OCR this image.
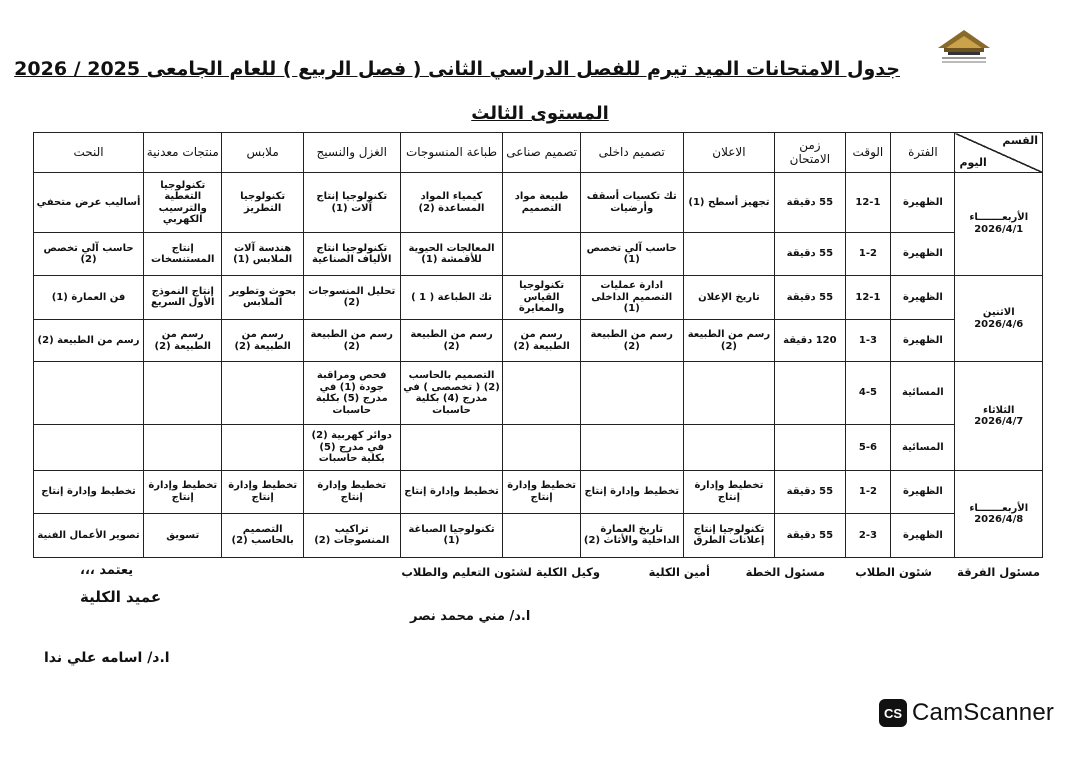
جدول الامتحانات الميد تيرم للفصل الدراسي الثانى ( فصل الربيع ) للعام الجامعى 2025 / 2026
المستوى الثالث
القسم
اليوم	الفترة	الوقت	زمن الامتحان	الاعلان	تصميم داخلى	تصميم صناعى	طباعة المنسوجات	الغزل والنسيج	ملابس	منتجات معدنية	النحت

الأربعـــــــاء
2026/4/1	الظهيرة	12-1	55 دقيقة	تجهيز أسطح (1)	تك تكسيات أسقف وأرضيات	طبيعة مواد التصميم	كيمياء المواد المساعدة (2)	تكنولوجيا إنتاج آلات (1)	تكنولوجيا التطريز	تكنولوجيا التغطية والترسيب الكهربي	أساليب عرض متحفي
	الظهيرة	1-2	55 دقيقة		حاسب آلي تخصص (1)		المعالجات الحيوية للأقمشة (1)	تكنولوجيا انتاج الألياف الصناعية	هندسة آلات الملابس (1)	إنتاج المستنسخات	حاسب آلي تخصص (2)

الاثنين
2026/4/6	الظهيرة	12-1	55 دقيقة	تاريخ الإعلان	ادارة عمليات التصميم الداخلى (1)	تكنولوجيا القياس والمعايرة	تك الطباعة ( 1 )	تحليل المنسوجات (2)	بحوث وتطوير الملابس	إنتاج النموذج الأول السريع	فن العمارة (1)
	الظهيرة	1-3	120 دقيقة	رسم من الطبيعة (2)	رسم من الطبيعة (2)	رسم من الطبيعة (2)	رسم من الطبيعة (2)	رسم من الطبيعة (2)	رسم من الطبيعة (2)	رسم من الطبيعة (2)	رسم من الطبيعة (2)

الثلاثاء
2026/4/7	المسائية	4-5					التصميم بالحاسب (2) ( تخصصى ) في مدرج (4) بكلية حاسبات	فحص ومراقبة جودة (1) في مدرج (5) بكلية حاسبات			
	المسائية	5-6						دوائر كهربية (2) في مدرج (5) بكلية حاسبات			

الأربعـــــــاء
2026/4/8	الظهيرة	1-2	55 دقيقة	تخطيط وإدارة إنتاج	تخطيط وإدارة إنتاج	تخطيط وإدارة إنتاج	تخطيط وإدارة إنتاج	تخطيط وإدارة إنتاج	تخطيط وإدارة إنتاج	تخطيط وإدارة إنتاج	تخطيط وإدارة إنتاج
	الظهيرة	2-3	55 دقيقة	تكنولوجيا إنتاج إعلانات الطرق	تاريخ العمارة الداخلية والأثاث (2)		تكنولوجيا الصباغة (1)	تراكيب المنسوجات (2)	التصميم بالحاسب (2)	تسويق	تصوير الأعمال الفنية
مسئول الفرقة
شئون الطلاب
مسئول الخطة
أمين الكلية
وكيل الكلية لشئون التعليم والطلاب
يعتمد ،،،
عميد الكلية
ا.د/ مني محمد نصر
ا.د/ اسامه علي ندا
CS CamScanner
